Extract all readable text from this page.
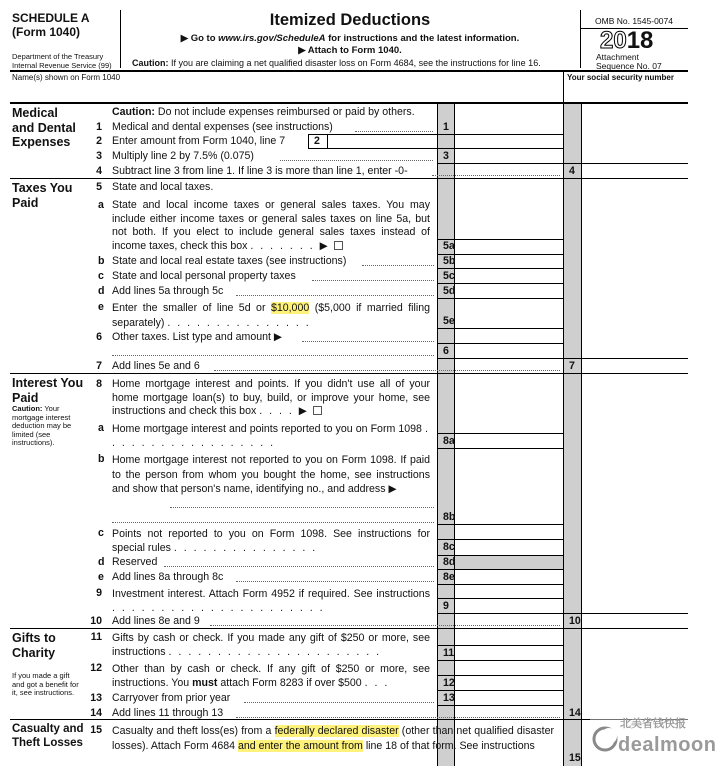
SCHEDULE A
(Form 1040)
Department of the Treasury
Internal Revenue Service (99)
Itemized Deductions
▶ Go to www.irs.gov/ScheduleA for instructions and the latest information.
▶ Attach to Form 1040.
Caution: If you are claiming a net qualified disaster loss on Form 4684, see the instructions for line 16.
OMB No. 1545-0074
2018
Attachment
Sequence No. 07
Name(s) shown on Form 1040	Your social security number
Medical and Dental Expenses
Caution: Do not include expenses reimbursed or paid by others.
1 Medical and dental expenses (see instructions)	1
2 Enter amount from Form 1040, line 7	2
3 Multiply line 2 by 7.5% (0.075)	3
4 Subtract line 3 from line 1. If line 3 is more than line 1, enter -0-	4
Taxes You Paid
5 State and local taxes.
a State and local income taxes or general sales taxes. You may include either income taxes or general sales taxes on line 5a, but not both. If you elect to include general sales taxes instead of income taxes, check this box . . . . . . . ▶	5a
b State and local real estate taxes (see instructions)	5b
c State and local personal property taxes	5c
d Add lines 5a through 5c	5d
e Enter the smaller of line 5d or $10,000 ($5,000 if married filing separately) . . . . . . . . . . . . . . .	5e
6 Other taxes. List type and amount ▶
6
7 Add lines 5e and 6	7
Interest You Paid
Caution: Your mortgage interest deduction may be limited (see instructions).
8 Home mortgage interest and points. If you didn't use all of your home mortgage loan(s) to buy, build, or improve your home, see instructions and check this box . . . . ▶
a Home mortgage interest and points reported to you on Form 1098 . . . . . . . . . . . . . . . . . .	8a
b Home mortgage interest not reported to you on Form 1098. If paid to the person from whom you bought the home, see instructions and show that person's name, identifying no., and address ▶
8b
c Points not reported to you on Form 1098. See instructions for special rules . . . . . . . . . . . . . . .	8c
d Reserved	8d
e Add lines 8a through 8c	8e
9 Investment interest. Attach Form 4952 if required. See instructions . . . . . . . . . . . . . . . . . . . . . .	9
10 Add lines 8e and 9	10
Gifts to Charity
If you made a gift and got a benefit for it, see instructions.
11 Gifts by cash or check. If you made any gift of $250 or more, see instructions . . . . . . . . . . . . . . . . . . . . . .	11
12 Other than by cash or check. If any gift of $250 or more, see instructions. You must attach Form 8283 if over $500 . . .	12
13 Carryover from prior year	13
14 Add lines 11 through 13	14
Casualty and Theft Losses
15 Casualty and theft loss(es) from a federally declared disaster (other than net qualified disaster losses). Attach Form 4684 and enter the amount from line 18 of that form. See instructions
15
北美省钱快报
dealmoon
